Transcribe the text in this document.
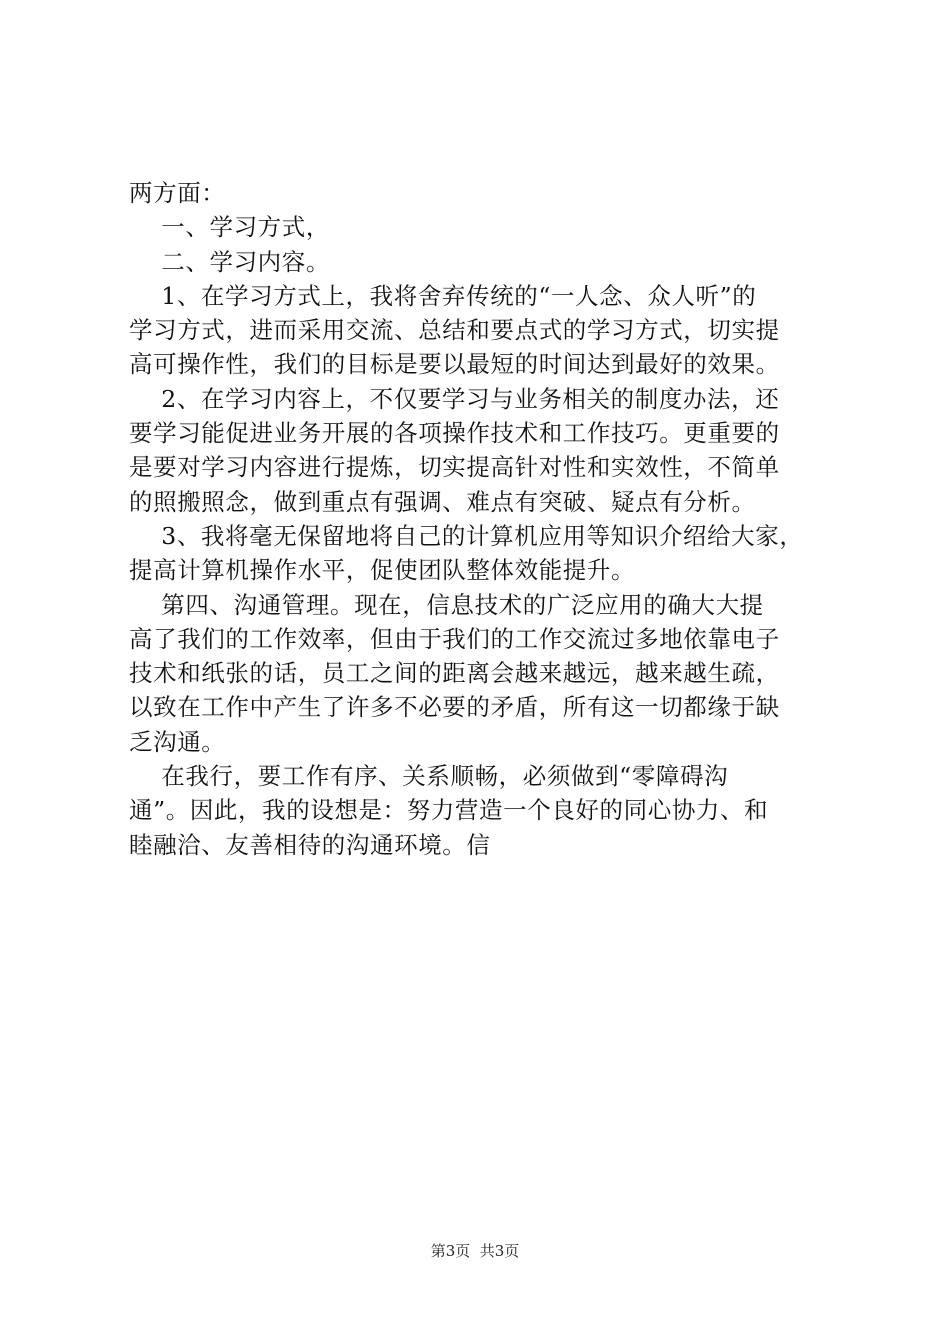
两方面：
一、学习方式，
二、学习内容。
1、在学习方式上，我将舍弃传统的“一人念、众人听”的
学习方式，进而采用交流、总结和要点式的学习方式，切实提
高可操作性，我们的目标是要以最短的时间达到最好的效果。
2、在学习内容上，不仅要学习与业务相关的制度办法，还
要学习能促进业务开展的各项操作技术和工作技巧。更重要的
是要对学习内容进行提炼，切实提高针对性和实效性，不简单
的照搬照念，做到重点有强调、难点有突破、疑点有分析。
3、我将毫无保留地将自己的计算机应用等知识介绍给大家，
提高计算机操作水平，促使团队整体效能提升。
第四、沟通管理。现在，信息技术的广泛应用的确大大提
高了我们的工作效率，但由于我们的工作交流过多地依靠电子
技术和纸张的话，员工之间的距离会越来越远，越来越生疏，
以致在工作中产生了许多不必要的矛盾，所有这一切都缘于缺
乏沟通。
在我行，要工作有序、关系顺畅，必须做到“零障碍沟
通”。因此，我的设想是：努力营造一个良好的同心协力、和
睦融洽、友善相待的沟通环境。信
第3页  共3页
